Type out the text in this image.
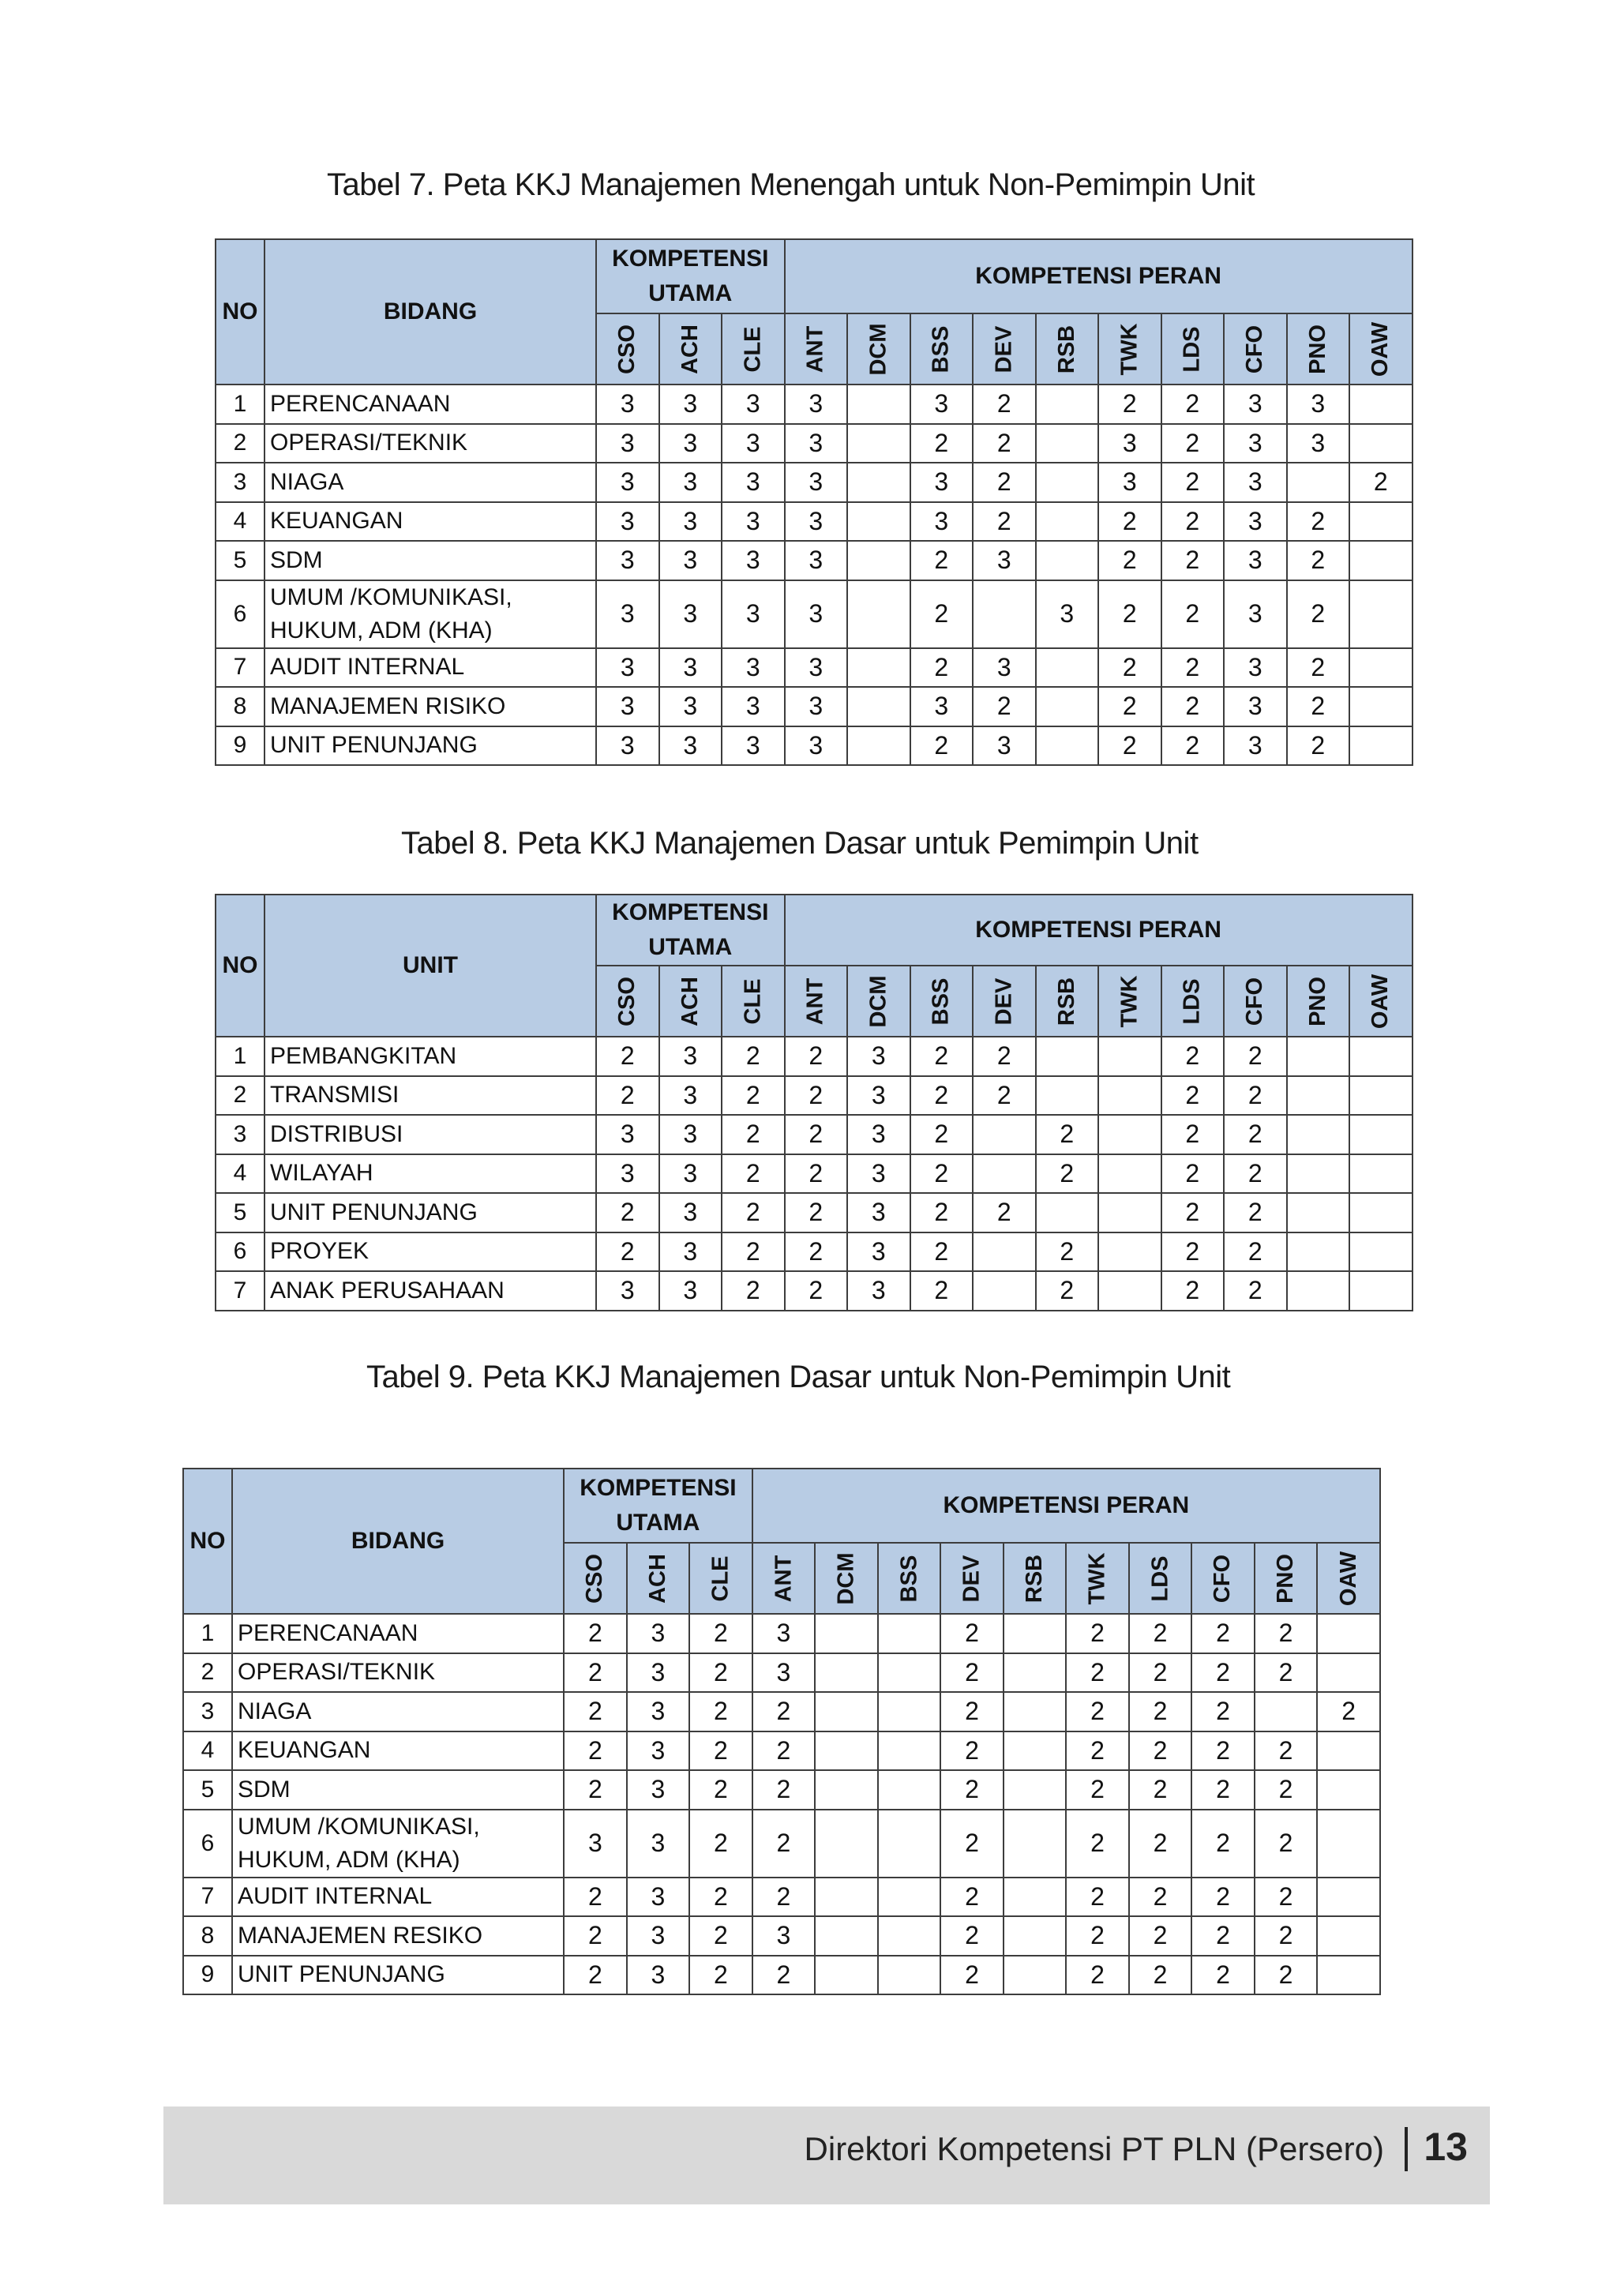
Tabel 7. Peta KKJ Manajemen Menengah untuk Non-Pemimpin Unit
NO	BIDANG	KOMPETENSI UTAMA			KOMPETENSI PERAN									
		CSO	ACH	CLE	ANT	DCM	BSS	DEV	RSB	TWK	LDS	CFO	PNO	OAW
1	PERENCANAAN	3	3	3	3		3	2		2	2	3	3	
2	OPERASI/TEKNIK	3	3	3	3		2	2		3	2	3	3	
3	NIAGA	3	3	3	3		3	2		3	2	3		2
4	KEUANGAN	3	3	3	3		3	2		2	2	3	2	
5	SDM	3	3	3	3		2	3		2	2	3	2	
6	UMUM /KOMUNIKASI, HUKUM, ADM (KHA)	3	3	3	3		2		3	2	2	3	2	
7	AUDIT INTERNAL	3	3	3	3		2	3		2	2	3	2	
8	MANAJEMEN RISIKO	3	3	3	3		3	2		2	2	3	2	
9	UNIT PENUNJANG	3	3	3	3		2	3		2	2	3	2	
Tabel 8. Peta KKJ Manajemen Dasar untuk Pemimpin Unit
NO	UNIT	KOMPETENSI UTAMA			KOMPETENSI PERAN									
		CSO	ACH	CLE	ANT	DCM	BSS	DEV	RSB	TWK	LDS	CFO	PNO	OAW
1	PEMBANGKITAN	2	3	2	2	3	2	2			2	2		
2	TRANSMISI	2	3	2	2	3	2	2			2	2		
3	DISTRIBUSI	3	3	2	2	3	2		2		2	2		
4	WILAYAH	3	3	2	2	3	2		2		2	2		
5	UNIT PENUNJANG	2	3	2	2	3	2	2			2	2		
6	PROYEK	2	3	2	2	3	2		2		2	2		
7	ANAK PERUSAHAAN	3	3	2	2	3	2		2		2	2		
Tabel 9. Peta KKJ Manajemen Dasar untuk Non-Pemimpin Unit
NO	BIDANG	KOMPETENSI UTAMA			KOMPETENSI PERAN									
		CSO	ACH	CLE	ANT	DCM	BSS	DEV	RSB	TWK	LDS	CFO	PNO	OAW
1	PERENCANAAN	2	3	2	3			2		2	2	2	2	
2	OPERASI/TEKNIK	2	3	2	3			2		2	2	2	2	
3	NIAGA	2	3	2	2			2		2	2	2		2
4	KEUANGAN	2	3	2	2			2		2	2	2	2	
5	SDM	2	3	2	2			2		2	2	2	2	
6	UMUM /KOMUNIKASI, HUKUM, ADM (KHA)	3	3	2	2			2		2	2	2	2	
7	AUDIT INTERNAL	2	3	2	2			2		2	2	2	2	
8	MANAJEMEN RESIKO	2	3	2	3			2		2	2	2	2	
9	UNIT PENUNJANG	2	3	2	2			2		2	2	2	2	
Direktori Kompetensi PT PLN (Persero) 13
